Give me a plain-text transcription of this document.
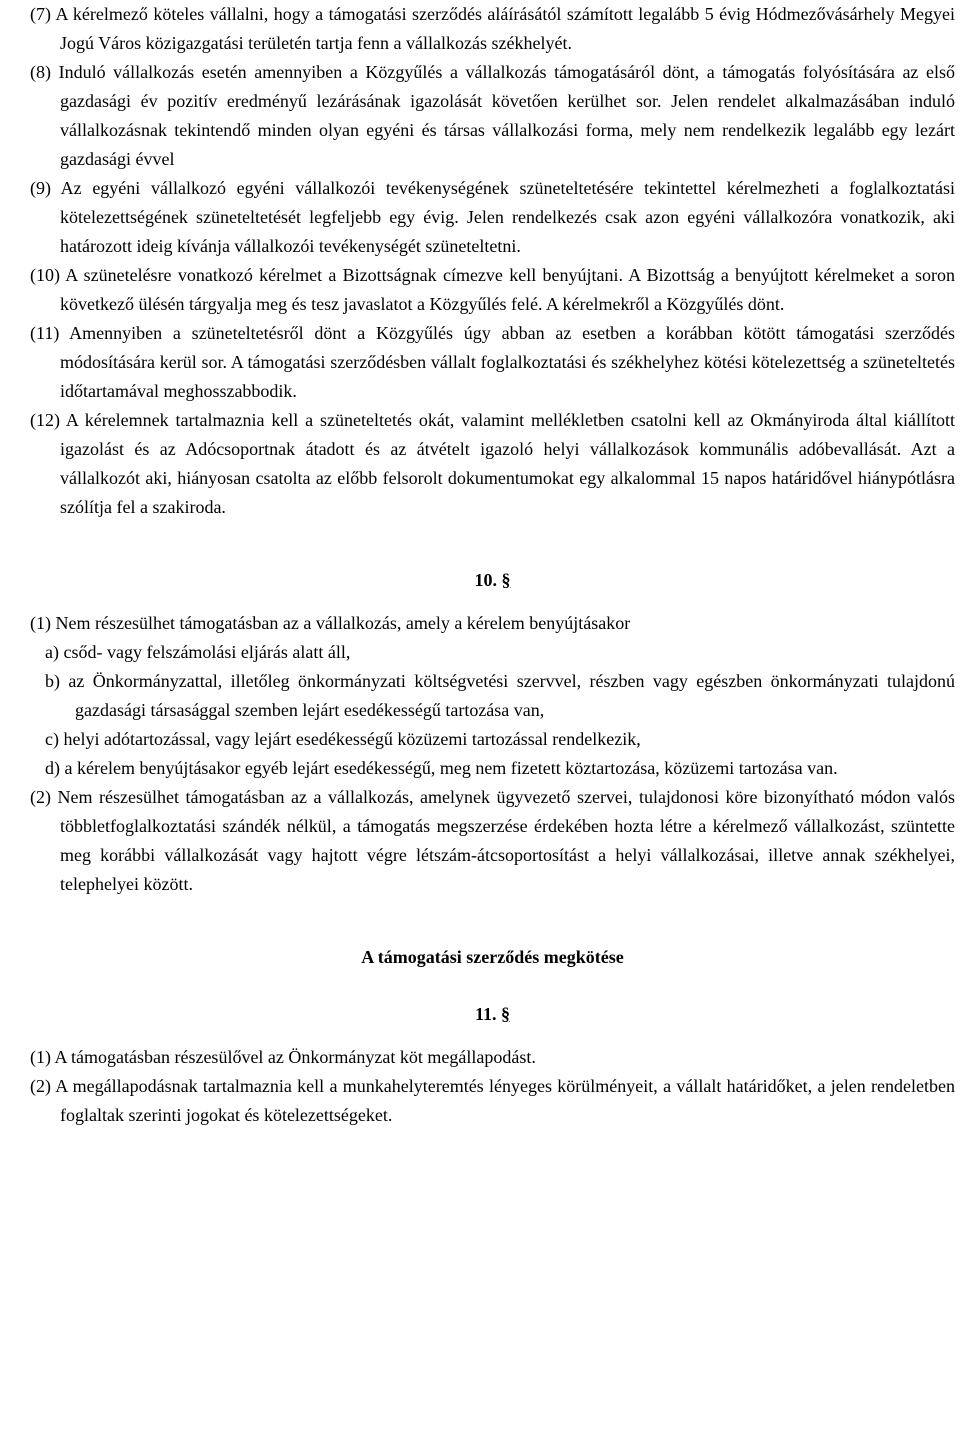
(7) A kérelmező köteles vállalni, hogy a támogatási szerződés aláírásától számított legalább 5 évig Hódmezővásárhely Megyei Jogú Város közigazgatási területén tartja fenn a vállalkozás székhelyét.

(8) Induló vállalkozás esetén amennyiben a Közgyűlés a vállalkozás támogatásáról dönt, a támogatás folyósítására az első gazdasági év pozitív eredményű lezárásának igazolását követően kerülhet sor. Jelen rendelet alkalmazásában induló vállalkozásnak tekintendő minden olyan egyéni és társas vállalkozási forma, mely nem rendelkezik legalább egy lezárt gazdasági évvel

(9) Az egyéni vállalkozó egyéni vállalkozói tevékenységének szüneteltetésére tekintettel kérelmezheti a foglalkoztatási kötelezettségének szüneteltetését legfeljebb egy évig. Jelen rendelkezés csak azon egyéni vállalkozóra vonatkozik, aki határozott ideig kívánja vállalkozói tevékenységét szüneteltetni.

(10) A szünetelésre vonatkozó kérelmet a Bizottságnak címezve kell benyújtani. A Bizottság a benyújtott kérelmeket a soron következő ülésén tárgyalja meg és tesz javaslatot a Közgyűlés felé. A kérelmekről a Közgyűlés dönt.

(11) Amennyiben a szüneteltetésről dönt a Közgyűlés úgy abban az esetben a korábban kötött támogatási szerződés módosítására kerül sor. A támogatási szerződésben vállalt foglalkoztatási és székhelyhez kötési kötelezettség a szüneteltetés időtartamával meghosszabbodik.

(12) A kérelemnek tartalmaznia kell a szüneteltetés okát, valamint mellékletben csatolni kell az Okmányiroda által kiállított igazolást és az Adócsoportnak átadott és az átvételt igazoló helyi vállalkozások kommunális adóbevallását. Azt a vállalkozót aki, hiányosan csatolta az előbb felsorolt dokumentumokat egy alkalommal 15 napos határidővel hiánypótlásra szólítja fel a szakiroda.

10. §

(1) Nem részesülhet támogatásban az a vállalkozás, amely a kérelem benyújtásakor

a) csőd- vagy felszámolási eljárás alatt áll,

b) az Önkormányzattal, illetőleg önkormányzati költségvetési szervvel, részben vagy egészben önkormányzati tulajdonú gazdasági társasággal szemben lejárt esedékességű tartozása van,

c) helyi adótartozással, vagy lejárt esedékességű közüzemi tartozással rendelkezik,

d) a kérelem benyújtásakor egyéb lejárt esedékességű, meg nem fizetett köztartozása, közüzemi tartozása van.

(2) Nem részesülhet támogatásban az a vállalkozás, amelynek ügyvezető szervei, tulajdonosi köre bizonyítható módon valós többletfoglalkoztatási szándék nélkül, a támogatás megszerzése érdekében hozta létre a kérelmező vállalkozást, szüntette meg korábbi vállalkozását vagy hajtott végre létszám-átcsoportosítást a helyi vállalkozásai, illetve annak székhelyei, telephelyei között.

A támogatási szerződés megkötése

11. §

(1) A támogatásban részesülővel az Önkormányzat köt megállapodást.

(2) A megállapodásnak tartalmaznia kell a munkahelyteremtés lényeges körülményeit, a vállalt határidőket, a jelen rendeletben foglaltak szerinti jogokat és kötelezettségeket.
